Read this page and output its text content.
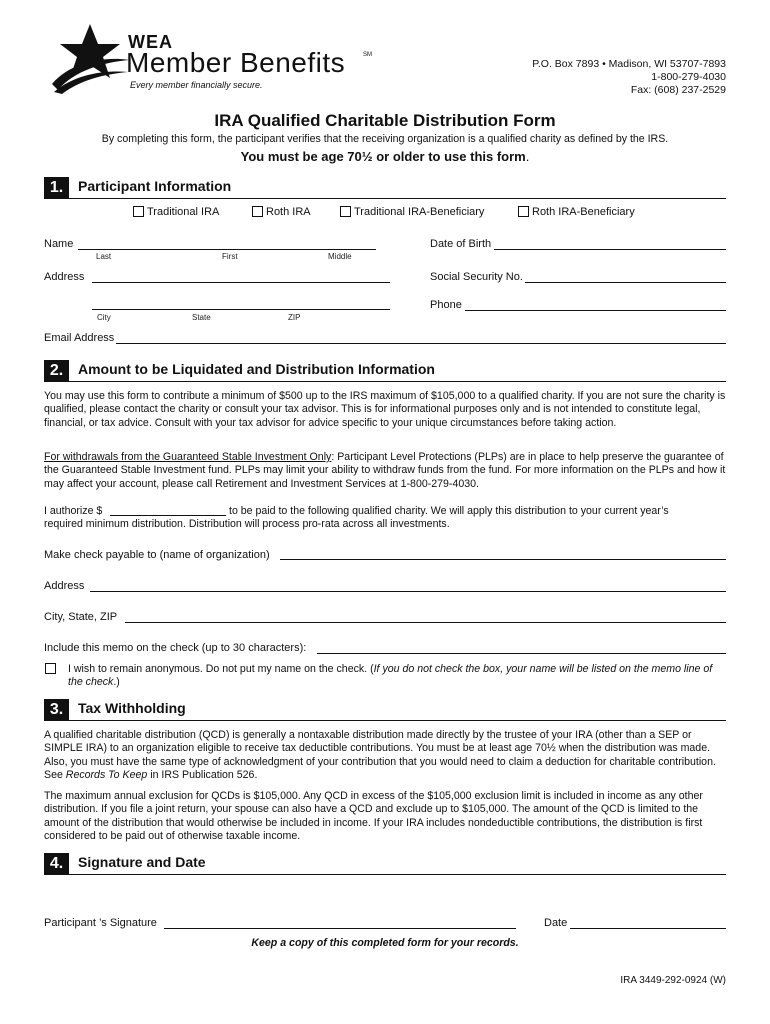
WEA
Member Benefits	SM
Every member financially secure.
P.O. Box 7893 • Madison, WI 53707-7893
1-800-279-4030
Fax: (608) 237-2529
IRA Qualified Charitable Distribution Form
By completing this form, the participant verifies that the receiving organization is a qualified charity as defined by the IRS.
You must be age 70½ or older to use this form.
1.	Participant Information
Traditional IRA	Roth IRA	Traditional IRA-Beneficiary	Roth IRA-Beneficiary
Name
Last	First	Middle
Date of Birth
Address	Social Security No.
Phone
City	State	ZIP
Email Address
2.	Amount to be Liquidated and Distribution Information
You may use this form to contribute a minimum of $500 up to the IRS maximum of $105,000 to a qualified charity. If you are not sure the charity is qualified, please contact the charity or consult your tax advisor. This is for informational purposes only and is not intended to constitute legal, financial, or tax advice. Consult with your tax advisor for advice specific to your unique circumstances before taking action.
For withdrawals from the Guaranteed Stable Investment Only: Participant Level Protections (PLPs) are in place to help preserve the guarantee of the Guaranteed Stable Investment fund. PLPs may limit your ability to withdraw funds from the fund. For more information on the PLPs and how it may affect your account, please call Retirement and Investment Services at 1-800-279-4030.
I authorize $	to be paid to the following qualified charity. We will apply this distribution to your current year’s
required minimum distribution. Distribution will process pro-rata across all investments.
Make check payable to (name of organization)
Address
City, State, ZIP
Include this memo on the check (up to 30 characters):
I wish to remain anonymous. Do not put my name on the check. (If you do not check the box, your name will be listed on the memo line of the check.)
3.	Tax Withholding
A qualified charitable distribution (QCD) is generally a nontaxable distribution made directly by the trustee of your IRA (other than a SEP or SIMPLE IRA) to an organization eligible to receive tax deductible contributions. You must be at least age 70½ when the distribution was made. Also, you must have the same type of acknowledgment of your contribution that you would need to claim a deduction for charitable contribution. See Records To Keep in IRS Publication 526.
The maximum annual exclusion for QCDs is $105,000. Any QCD in excess of the $105,000 exclusion limit is included in income as any other distribution. If you file a joint return, your spouse can also have a QCD and exclude up to $105,000. The amount of the QCD is limited to the amount of the distribution that would otherwise be included in income. If your IRA includes nondeductible contributions, the distribution is first considered to be paid out of otherwise taxable income.
4.	Signature and Date
Participant ’s Signature	Date
Keep a copy of this completed form for your records.
IRA 3449-292-0924 (W)
